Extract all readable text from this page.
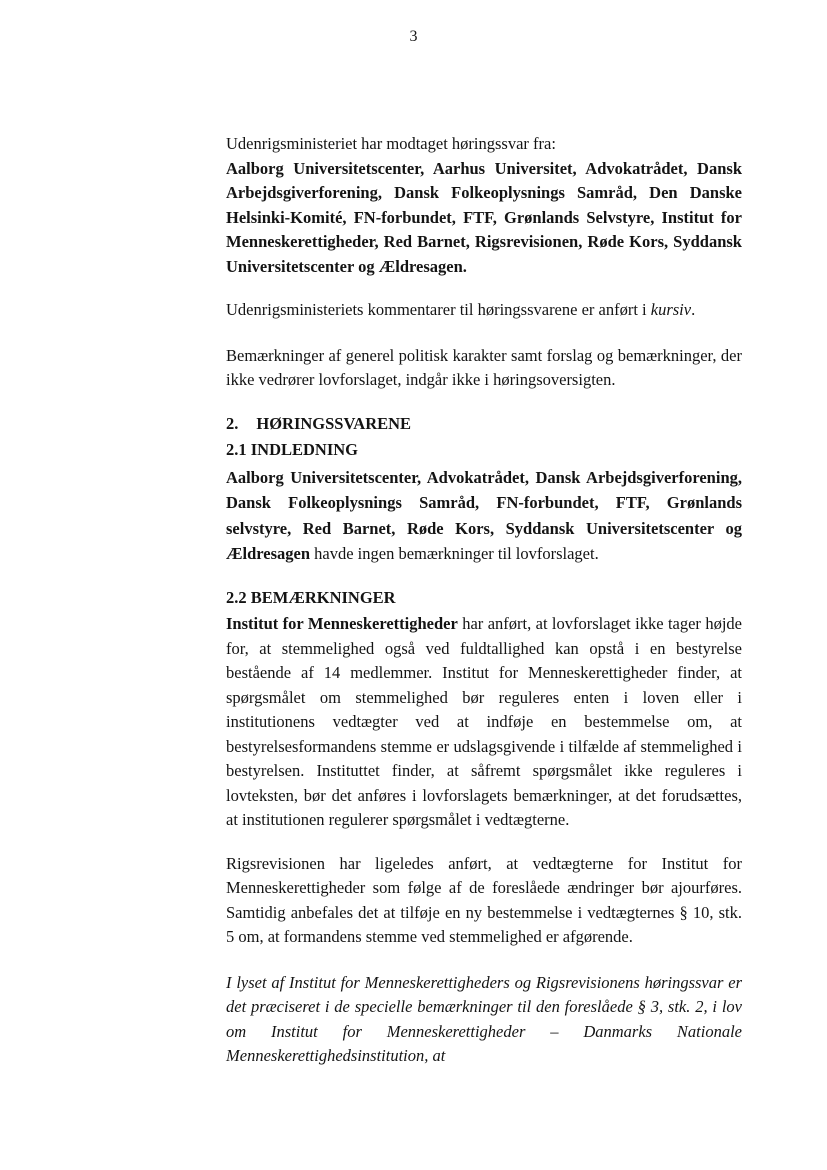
3

Udenrigsministeriet har modtaget høringssvar fra:
Aalborg Universitetscenter, Aarhus Universitet, Advokatrådet, Dansk Arbejdsgiverforening, Dansk Folkeoplysnings Samråd, Den Danske Helsinki-Komité, FN-forbundet, FTF, Grønlands Selvstyre, Institut for Menneskerettigheder, Red Barnet, Rigsrevisionen, Røde Kors, Syddansk Universitetscenter og Ældresagen.

Udenrigsministeriets kommentarer til høringssvarene er anført i kursiv.

Bemærkninger af generel politisk karakter samt forslag og bemærkninger, der ikke vedrører lovforslaget, indgår ikke i høringsoversigten.

2. HØRINGSSVARENE
2.1 INDLEDNING

Aalborg Universitetscenter, Advokatrådet, Dansk Arbejdsgiverforening, Dansk Folkeoplysnings Samråd, FN-forbundet, FTF, Grønlands selvstyre, Red Barnet, Røde Kors, Syddansk Universitetscenter og Ældresagen havde ingen bemærkninger til lovforslaget.

2.2 BEMÆRKNINGER

Institut for Menneskerettigheder har anført, at lovforslaget ikke tager højde for, at stemmelighed også ved fuldtallighed kan opstå i en bestyrelse bestående af 14 medlemmer. Institut for Menneskerettigheder finder, at spørgsmålet om stemmelighed bør reguleres enten i loven eller i institutionens vedtægter ved at indføje en bestemmelse om, at bestyrelsesformandens stemme er udslagsgivende i tilfælde af stemmelighed i bestyrelsen. Instituttet finder, at såfremt spørgsmålet ikke reguleres i lovteksten, bør det anføres i lovforslagets bemærkninger, at det forudsættes, at institutionen regulerer spørgsmålet i vedtægterne.

Rigsrevisionen har ligeledes anført, at vedtægterne for Institut for Menneskerettigheder som følge af de foreslåede ændringer bør ajourføres. Samtidig anbefales det at tilføje en ny bestemmelse i vedtægternes § 10, stk. 5 om, at formandens stemme ved stemmelighed er afgørende.

I lyset af Institut for Menneskerettigheders og Rigsrevisionens høringssvar er det præciseret i de specielle bemærkninger til den foreslåede § 3, stk. 2, i lov om Institut for Menneskerettigheder – Danmarks Nationale Menneskerettighedsinstitution, at
